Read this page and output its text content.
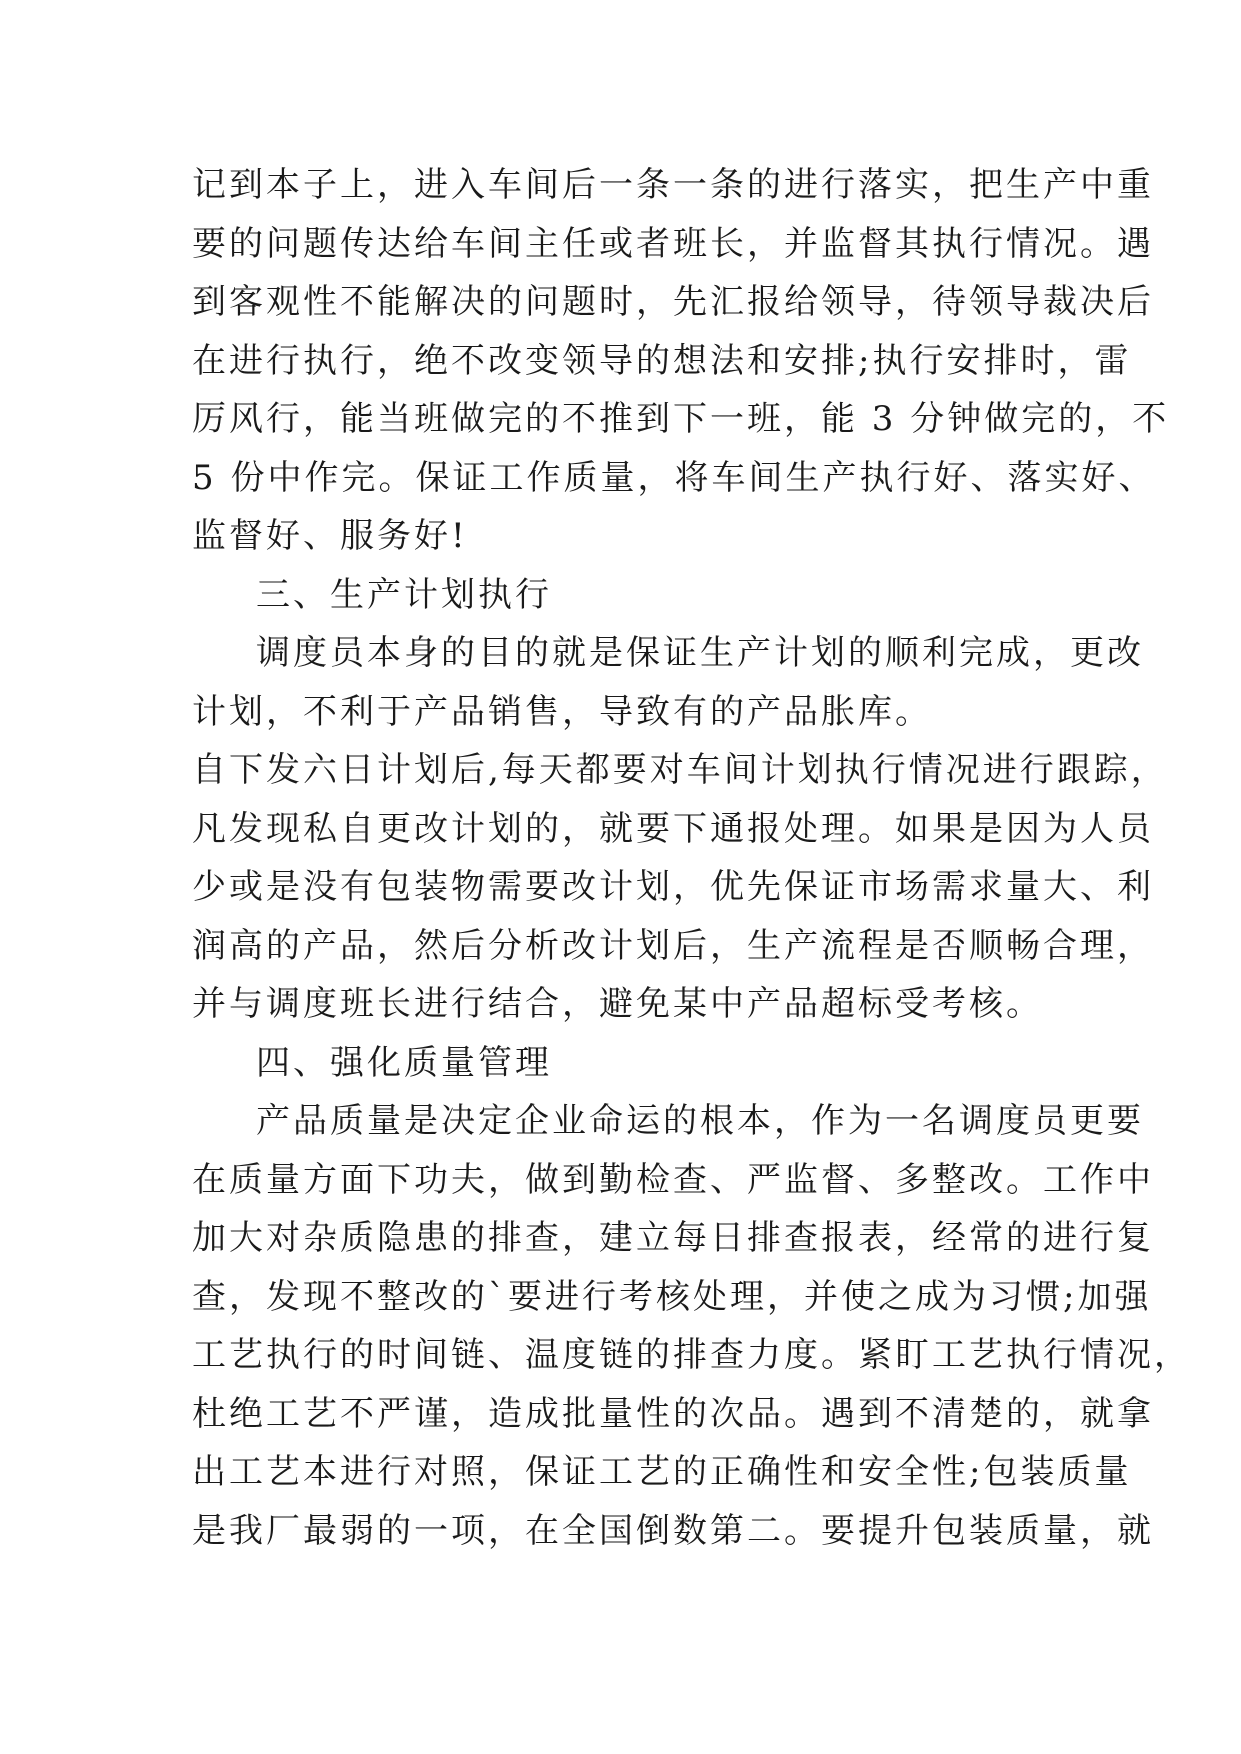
记到本子上，进入车间后一条一条的进行落实，把生产中重
要的问题传达给车间主任或者班长，并监督其执行情况。遇
到客观性不能解决的问题时，先汇报给领导，待领导裁决后
在进行执行，绝不改变领导的想法和安排;执行安排时，雷
厉风行，能当班做完的不推到下一班，能 3 分钟做完的，不
5 份中作完。保证工作质量，将车间生产执行好、落实好、
监督好、服务好!
三、生产计划执行
调度员本身的目的就是保证生产计划的顺利完成，更改
计划，不利于产品销售，导致有的产品胀库。
自下发六日计划后,每天都要对车间计划执行情况进行跟踪，
凡发现私自更改计划的，就要下通报处理。如果是因为人员
少或是没有包装物需要改计划，优先保证市场需求量大、利
润高的产品，然后分析改计划后，生产流程是否顺畅合理，
并与调度班长进行结合，避免某中产品超标受考核。
四、强化质量管理
产品质量是决定企业命运的根本，作为一名调度员更要
在质量方面下功夫，做到勤检查、严监督、多整改。工作中
加大对杂质隐患的排查，建立每日排查报表，经常的进行复
查，发现不整改的`要进行考核处理，并使之成为习惯;加强
工艺执行的时间链、温度链的排查力度。紧盯工艺执行情况，
杜绝工艺不严谨，造成批量性的次品。遇到不清楚的，就拿
出工艺本进行对照，保证工艺的正确性和安全性;包装质量
是我厂最弱的一项，在全国倒数第二。要提升包装质量，就
